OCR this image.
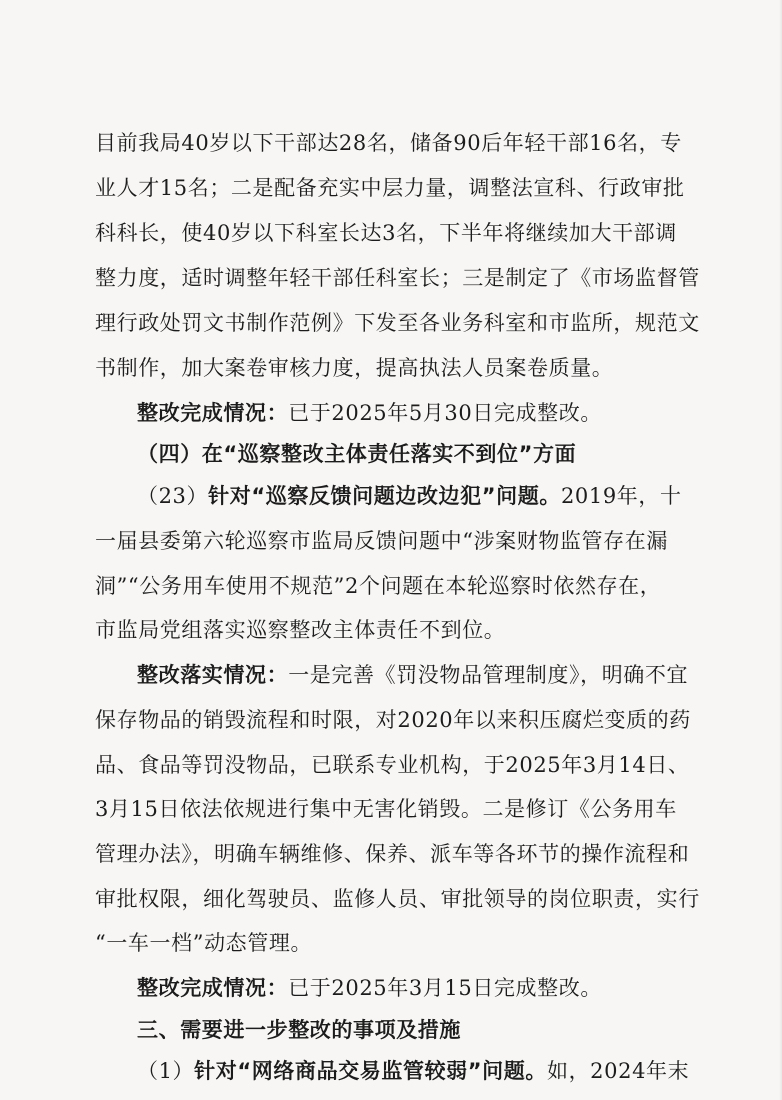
目前我局40岁以下干部达28名，储备90后年轻干部16名，专
业人才15名；二是配备充实中层力量，调整法宣科、行政审批
科科长，使40岁以下科室长达3名，下半年将继续加大干部调
整力度，适时调整年轻干部任科室长；三是制定了《市场监督管
理行政处罚文书制作范例》下发至各业务科室和市监所，规范文
书制作，加大案卷审核力度，提高执法人员案卷质量。
整改完成情况：已于2025年5月30日完成整改。
（四）在“巡察整改主体责任落实不到位”方面
（23）针对“巡察反馈问题边改边犯”问题。2019年，十
一届县委第六轮巡察市监局反馈问题中“涉案财物监管存在漏
洞”“公务用车使用不规范”2个问题在本轮巡察时依然存在，
市监局党组落实巡察整改主体责任不到位。
整改落实情况：一是完善《罚没物品管理制度》，明确不宜
保存物品的销毁流程和时限，对2020年以来积压腐烂变质的药
品、食品等罚没物品，已联系专业机构，于2025年3月14日、
3月15日依法依规进行集中无害化销毁。二是修订《公务用车
管理办法》，明确车辆维修、保养、派车等各环节的操作流程和
审批权限，细化驾驶员、监修人员、审批领导的岗位职责，实行
“一车一档”动态管理。
整改完成情况：已于2025年3月15日完成整改。
三、需要进一步整改的事项及措施
（1）针对“网络商品交易监管较弱”问题。如，2024年末
